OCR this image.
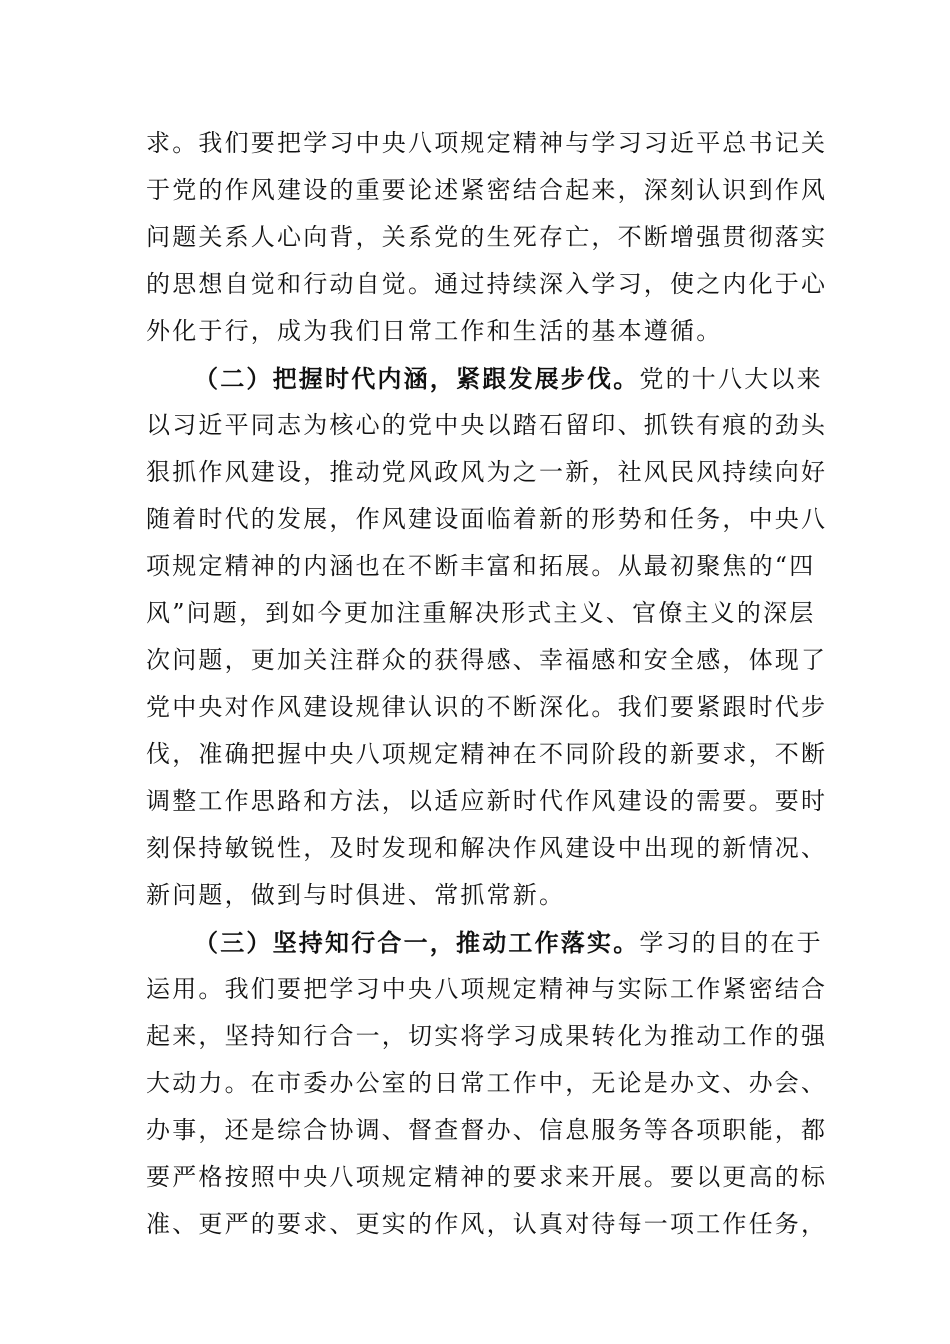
求。我们要把学习中央八项规定精神与学习习近平总书记关
于党的作风建设的重要论述紧密结合起来，深刻认识到作风
问题关系人心向背，关系党的生死存亡，不断增强贯彻落实
的思想自觉和行动自觉。通过持续深入学习，使之内化于心
外化于行，成为我们日常工作和生活的基本遵循。
（二）把握时代内涵，紧跟发展步伐。党的十八大以来
以习近平同志为核心的党中央以踏石留印、抓铁有痕的劲头
狠抓作风建设，推动党风政风为之一新，社风民风持续向好
随着时代的发展，作风建设面临着新的形势和任务，中央八
项规定精神的内涵也在不断丰富和拓展。从最初聚焦的“四
风”问题，到如今更加注重解决形式主义、官僚主义的深层
次问题，更加关注群众的获得感、幸福感和安全感，体现了
党中央对作风建设规律认识的不断深化。我们要紧跟时代步
伐，准确把握中央八项规定精神在不同阶段的新要求，不断
调整工作思路和方法，以适应新时代作风建设的需要。要时
刻保持敏锐性，及时发现和解决作风建设中出现的新情况、
新问题，做到与时俱进、常抓常新。
（三）坚持知行合一，推动工作落实。学习的目的在于
运用。我们要把学习中央八项规定精神与实际工作紧密结合
起来，坚持知行合一，切实将学习成果转化为推动工作的强
大动力。在市委办公室的日常工作中，无论是办文、办会、
办事，还是综合协调、督查督办、信息服务等各项职能，都
要严格按照中央八项规定精神的要求来开展。要以更高的标
准、更严的要求、更实的作风，认真对待每一项工作任务，
